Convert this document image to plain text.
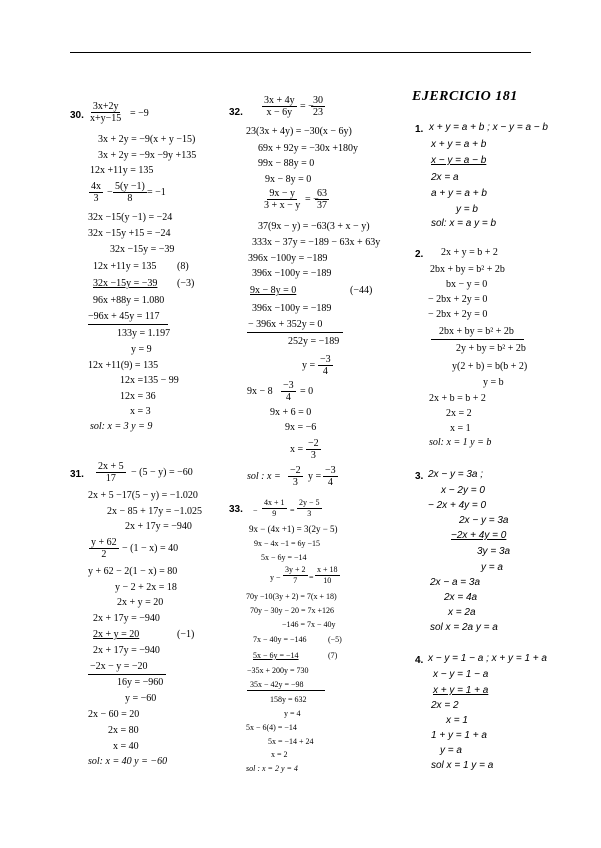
30. $\frac{3x+2y}{x+y-15} = -9$
3x + 2y = −9(x + y −15)
3x + 2y = −9x −9y +135
12x +11y = 135
$\frac{4x}{3} - \frac{5(y -1)}{8} = -1$
32x −15(y −1) = −24
32x −15y +15 = −24
32x −15y = −39
12x +11y = 135 (8)
32x −15y = −39 (−3)
96x +88y = 1.080
−96x + 45y = 117
133y = 1.197
y = 9
12x +11(9) = 135
12x =135 − 99
12x = 36
x = 3
sol: x = 3 y = 9
31. $\frac{2x + 5}{17} - (5 - y) = -60$
2x + 5 −17(5 − y) = −1.020
2x − 85 + 17y = −1.025
2x + 17y = −940
$\frac{y + 62}{2} - (1 - x) = 40$
y + 62 − 2(1 − x) = 80
y − 2 + 2x = 18
2x + y = 20
2x + 17y = −940
2x + y = 20	(−1)
2x + 17y = −940
−2x − y = −20
16y = −960
y = −60
2x − 60 = 20
2x = 80
x = 40
sol: x = 40 y = −60
32. $\frac{3x + 4y}{x - 6y}$ = −
$\frac{30}{23}$
23(3x + 4y) = −30(x − 6y)
69x + 92y = −30x +180y
99x − 88y = 0
9x − 8y = 0
$\frac{9x - y}{3 + x - y}$ = −
$\frac{63}{37}$
37(9x − y) = −63(3 + x − y)
333x − 37y = −189 − 63x + 63y
396x −100y = −189
396x −100y = −189
9x − 8y = 0	(−44)
396x −100y = −189
− 396x + 352y = 0
252y = −189
$y = \frac{-3}{4}$
$9x - 8 \frac{-3}{4} = 0$
9x + 6 = 0
9x = −6
$x = \frac{-2}{3}$
sol : $x = \frac{-2}{3}$ $y = \frac{-3}{4}$
33. − $\frac{4x + 1}{9} = \frac{2y - 5}{3}$
9x − (4x +1) = 3(2y − 5)
9x − 4x −1 = 6y −15
5x − 6y = −14
$y - \frac{3y + 2}{7} = \frac{x + 18}{10}$
70y −10(3y + 2) = 7(x + 18)
70y − 30y − 20 = 7x +126
−146 = 7x − 40y
7x − 40y = −146	(−5)
5x − 6y = −14	(7)
−35x + 200y = 730
35x − 42y = −98
158y = 632
y = 4
5x − 6(4) = −14
5x = −14 + 24
x = 2
sol : x = 2 y = 4
EJERCICIO 181
1. x + y = a + b ; x − y = a − b
x + y = a + b
x − y = a − b
2x = a
a + y = a + b
y = b
sol: x = a y = b
2. 2x + y = b + 2
2bx + by = b² + 2b
bx − y = 0
− 2bx + 2y = 0
− 2bx + 2y = 0
2bx + by = b² + 2b
2y + by = b² + 2b
y(2 + b) = b(b + 2)
y = b
2x + b = b + 2
2x = 2
x = 1
sol: x = 1 y = b
3. 2x − y = 3a ;
x − 2y = 0
− 2x + 4y = 0
2x − y = 3a
−2x + 4y = 0
3y = 3a
y = a
2x − a = 3a
2x = 4a
x = 2a
sol x = 2a y = a
4. x − y = 1 − a ; x + y = 1 + a
x − y = 1 − a
x + y = 1 + a
2x = 2
x = 1
1 + y = 1 + a
y = a
sol x = 1 y = a
